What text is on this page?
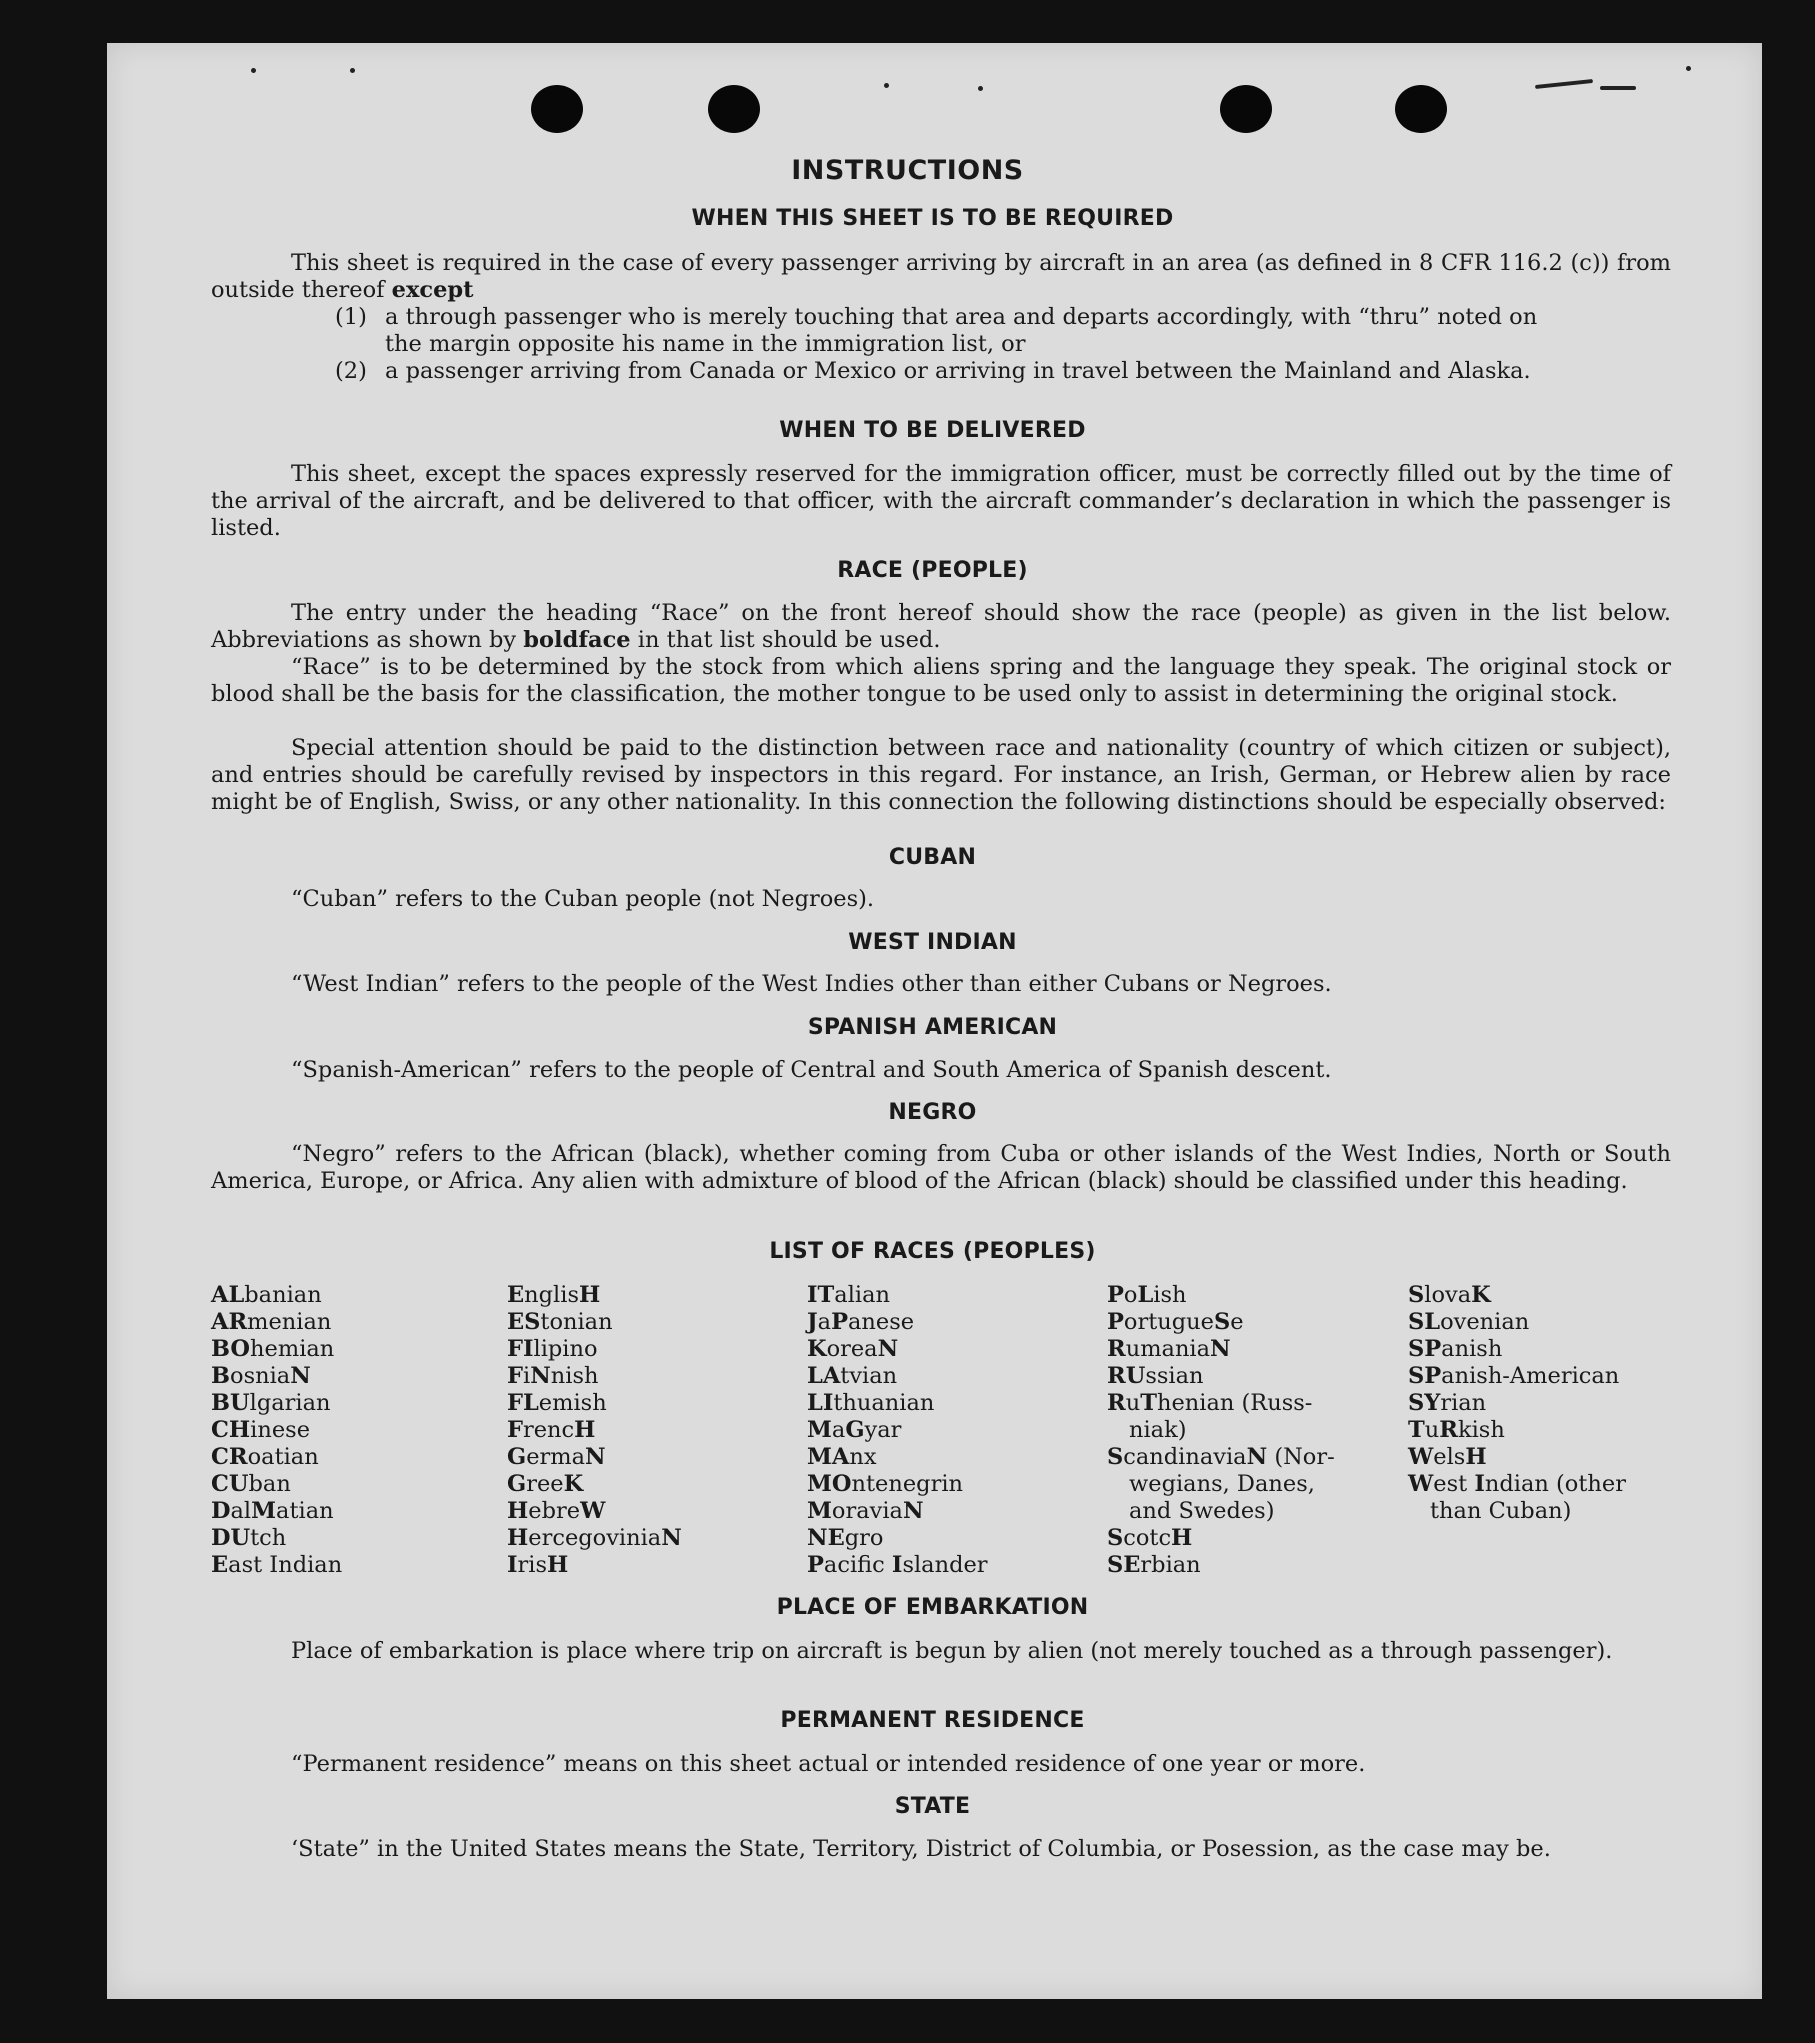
INSTRUCTIONS
WHEN THIS SHEET IS TO BE REQUIRED
This sheet is required in the case of every passenger arriving by aircraft in an area (as defined in 8 CFR 116.2 (c)) from outside thereof except
(1) a through passenger who is merely touching that area and departs accordingly, with “thru” noted on
the margin opposite his name in the immigration list, or
(2) a passenger arriving from Canada or Mexico or arriving in travel between the Mainland and Alaska.
WHEN TO BE DELIVERED
This sheet, except the spaces expressly reserved for the immigration officer, must be correctly filled out by the time of the arrival of the aircraft, and be delivered to that officer, with the aircraft commander’s declaration in which the passenger is listed.
RACE (PEOPLE)
The entry under the heading “Race” on the front hereof should show the race (people) as given in the list below. Abbreviations as shown by boldface in that list should be used.
“Race” is to be determined by the stock from which aliens spring and the language they speak. The original stock or blood shall be the basis for the classification, the mother tongue to be used only to assist in determining the original stock.
Special attention should be paid to the distinction between race and nationality (country of which citizen or subject), and entries should be carefully revised by inspectors in this regard. For instance, an Irish, German, or Hebrew alien by race might be of English, Swiss, or any other nationality. In this connection the following distinctions should be especially observed:
CUBAN
“Cuban” refers to the Cuban people (not Negroes).
WEST INDIAN
“West Indian” refers to the people of the West Indies other than either Cubans or Negroes.
SPANISH AMERICAN
“Spanish-American” refers to the people of Central and South America of Spanish descent.
NEGRO
“Negro” refers to the African (black), whether coming from Cuba or other islands of the West Indies, North or South America, Europe, or Africa. Any alien with admixture of blood of the African (black) should be classified under this heading.
LIST OF RACES (PEOPLES)
ALbanian
ARmenian
BOhemian
BosniaN
BUlgarian
CHinese
CRoatian
CUban
DalMatian
DUtch
East Indian
EnglisH
EStonian
FIlipino
FiNnish
FLemish
FrencH
GermaN
GreeK
HebreW
HercegoviniaN
IrisH
ITalian
JaPanese
KoreaN
LAtvian
LIthuanian
MaGyar
MAnx
MOntenegrin
MoraviaN
NEgro
Pacific Islander
PoLish
PortugueSe
RumaniaN
RUssian
RuThenian (Russ-
niak)
ScandinaviaN (Nor-
wegians, Danes,
and Swedes)
ScotcH
SErbian
SlovaK
SLovenian
SPanish
SPanish-American
SYrian
TuRkish
WelsH
West Indian (other
than Cuban)
PLACE OF EMBARKATION
Place of embarkation is place where trip on aircraft is begun by alien (not merely touched as a through passenger).
PERMANENT RESIDENCE
“Permanent residence” means on this sheet actual or intended residence of one year or more.
STATE
‘State” in the United States means the State, Territory, District of Columbia, or Posession, as the case may be.
